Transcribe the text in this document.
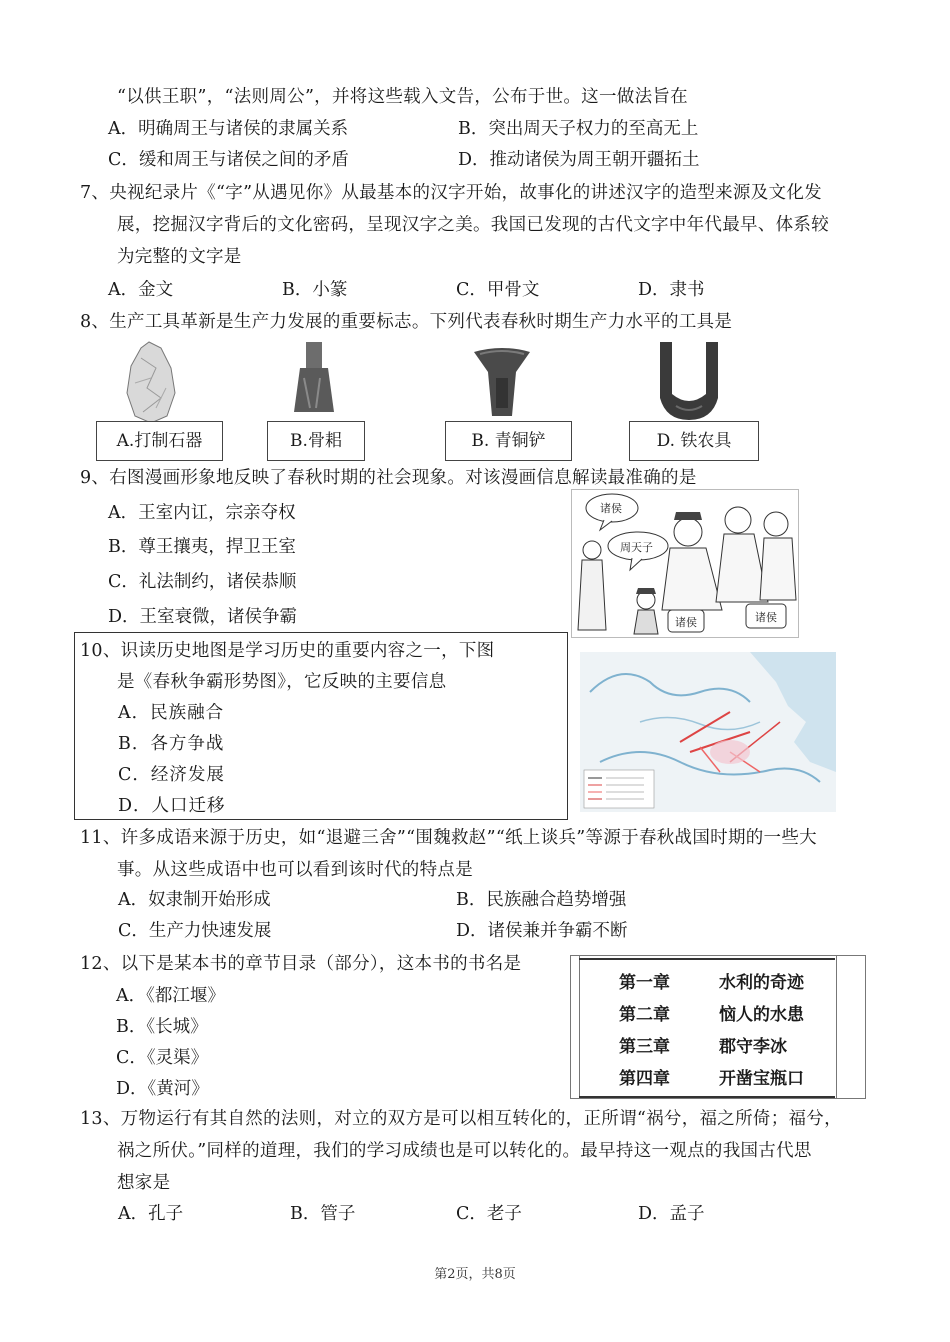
“以供王职”，“法则周公”，并将这些载入文告，公布于世。这一做法旨在
A．明确周王与诸侯的隶属关系	B．突出周天子权力的至高无上
C．缓和周王与诸侯之间的矛盾	D．推动诸侯为周王朝开疆拓土
7、央视纪录片《“字”从遇见你》从最基本的汉字开始，故事化的讲述汉字的造型来源及文化发
展，挖掘汉字背后的文化密码，呈现汉字之美。我国已发现的古代文字中年代最早、体系较
为完整的文字是
A．金文	B．小篆	C．甲骨文	D．隶书
8、生产工具革新是生产力发展的重要标志。下列代表春秋时期生产力水平的工具是
A.打制石器	B.骨耜	B. 青铜铲	D. 铁农具
9、右图漫画形象地反映了春秋时期的社会现象。对该漫画信息解读最准确的是
A．王室内讧，宗亲夺权
B．尊王攘夷，捍卫王室
C．礼法制约，诸侯恭顺
D．王室衰微，诸侯争霸
诸侯
周天子
诸侯	诸侯
10、识读历史地图是学习历史的重要内容之一，下图
是《春秋争霸形势图》，它反映的主要信息
A．民族融合
B．各方争战
C．经济发展
D．人口迁移
11、许多成语来源于历史，如“退避三舍”“围魏救赵”“纸上谈兵”等源于春秋战国时期的一些大
事。从这些成语中也可以看到该时代的特点是
A．奴隶制开始形成	B．民族融合趋势增强
C．生产力快速发展	D．诸侯兼并争霸不断
12、以下是某本书的章节目录（部分），这本书的书名是
A．《都江堰》
B．《长城》
C．《灵渠》
D．《黄河》
第一章	水利的奇迹
第二章	恼人的水患
第三章	郡守李冰
第四章	开凿宝瓶口
13、万物运行有其自然的法则，对立的双方是可以相互转化的，正所谓“祸兮，福之所倚；福兮，
祸之所伏。”同样的道理，我们的学习成绩也是可以转化的。最早持这一观点的我国古代思
想家是
A．孔子	B．管子	C．老子	D．孟子
第2页，共8页
